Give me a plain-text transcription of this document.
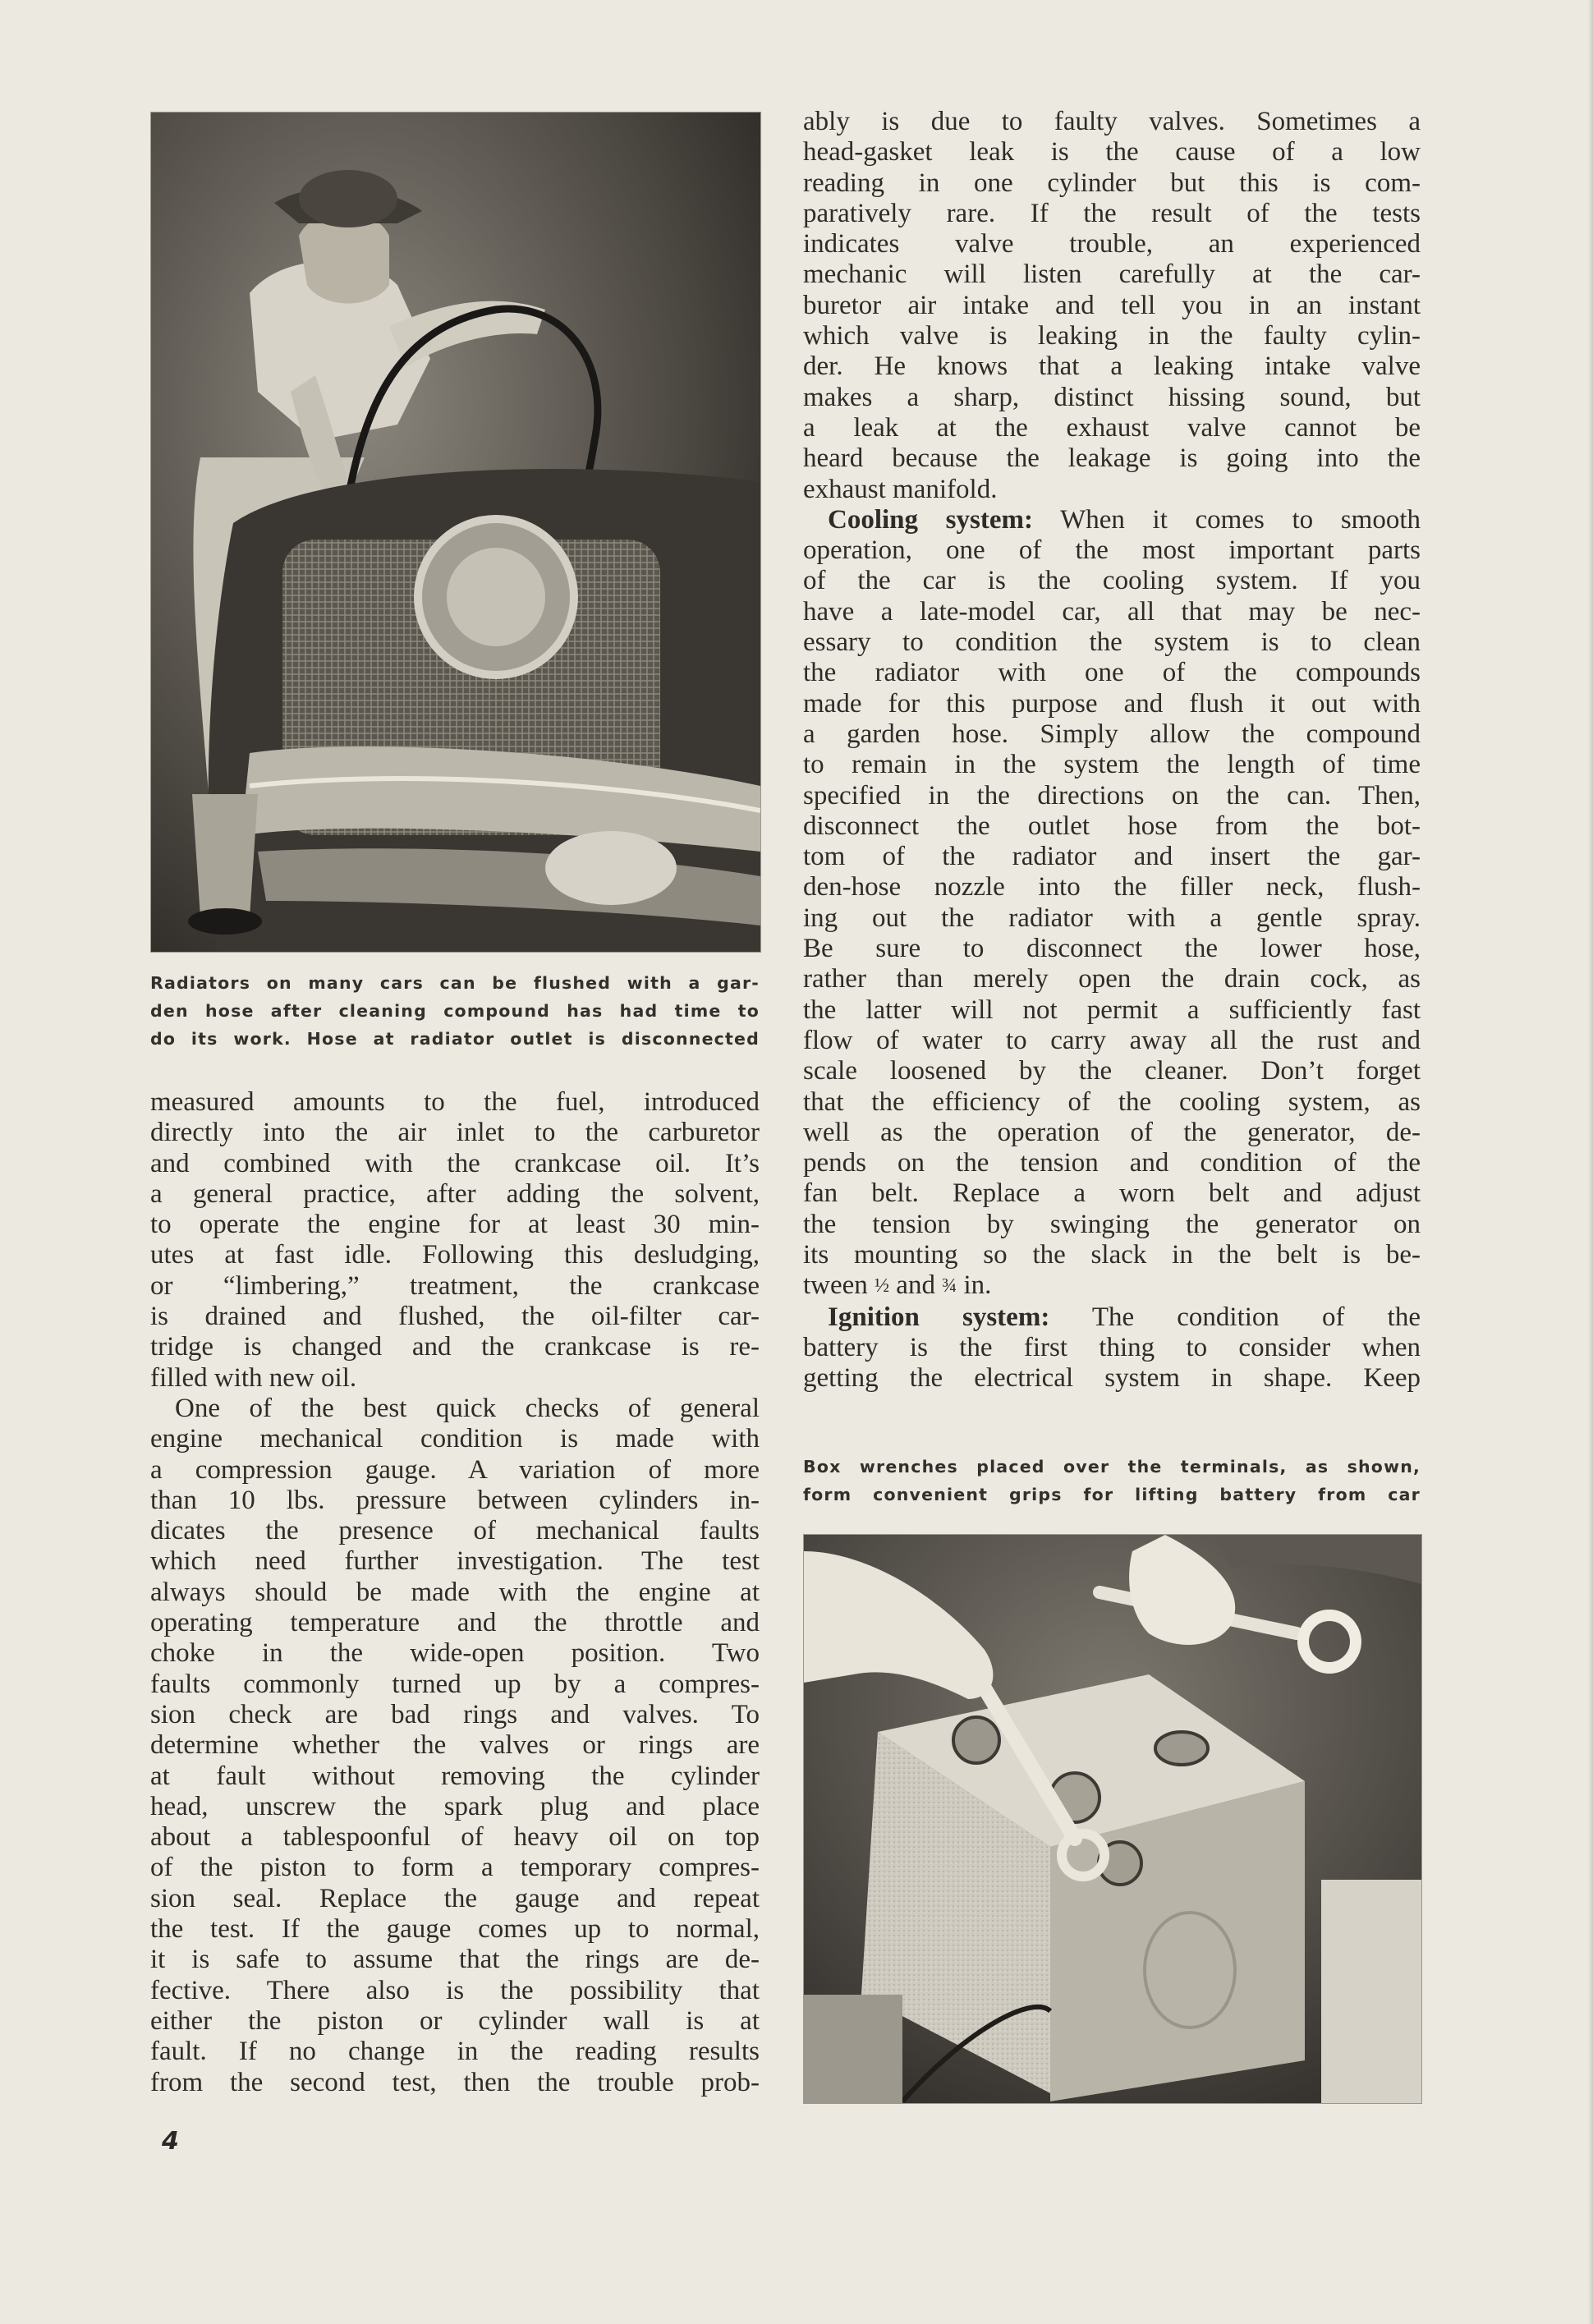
Radiators on many cars can be flushed with a gar-
den hose after cleaning compound has had time to
do its work. Hose at radiator outlet is disconnected

measured amounts to the fuel, introduced
directly into the air inlet to the carburetor
and combined with the crankcase oil. It’s
a general practice, after adding the solvent,
to operate the engine for at least 30 min-
utes at fast idle. Following this desludging,
or “limbering,” treatment, the crankcase
is drained and flushed, the oil-filter car-
tridge is changed and the crankcase is re-
filled with new oil.

One of the best quick checks of general
engine mechanical condition is made with
a compression gauge. A variation of more
than 10 lbs. pressure between cylinders in-
dicates the presence of mechanical faults
which need further investigation. The test
always should be made with the engine at
operating temperature and the throttle and
choke in the wide-open position. Two
faults commonly turned up by a compres-
sion check are bad rings and valves. To
determine whether the valves or rings are
at fault without removing the cylinder
head, unscrew the spark plug and place
about a tablespoonful of heavy oil on top
of the piston to form a temporary compres-
sion seal. Replace the gauge and repeat
the test. If the gauge comes up to normal,
it is safe to assume that the rings are de-
fective. There also is the possibility that
either the piston or cylinder wall is at
fault. If no change in the reading results
from the second test, then the trouble prob-

ably is due to faulty valves. Sometimes a
head-gasket leak is the cause of a low
reading in one cylinder but this is com-
paratively rare. If the result of the tests
indicates valve trouble, an experienced
mechanic will listen carefully at the car-
buretor air intake and tell you in an instant
which valve is leaking in the faulty cylin-
der. He knows that a leaking intake valve
makes a sharp, distinct hissing sound, but
a leak at the exhaust valve cannot be
heard because the leakage is going into the
exhaust manifold.

Cooling system: When it comes to smooth
operation, one of the most important parts
of the car is the cooling system. If you
have a late-model car, all that may be nec-
essary to condition the system is to clean
the radiator with one of the compounds
made for this purpose and flush it out with
a garden hose. Simply allow the compound
to remain in the system the length of time
specified in the directions on the can. Then,
disconnect the outlet hose from the bot-
tom of the radiator and insert the gar-
den-hose nozzle into the filler neck, flush-
ing out the radiator with a gentle spray.
Be sure to disconnect the lower hose,
rather than merely open the drain cock, as
the latter will not permit a sufficiently fast
flow of water to carry away all the rust and
scale loosened by the cleaner. Don’t forget
that the efficiency of the cooling system, as
well as the operation of the generator, de-
pends on the tension and condition of the
fan belt. Replace a worn belt and adjust
the tension by swinging the generator on
its mounting so the slack in the belt is be-
tween ½ and ¾ in.

Ignition system: The condition of the
battery is the first thing to consider when
getting the electrical system in shape. Keep

Box wrenches placed over the terminals, as shown,
form convenient grips for lifting battery from car
4
